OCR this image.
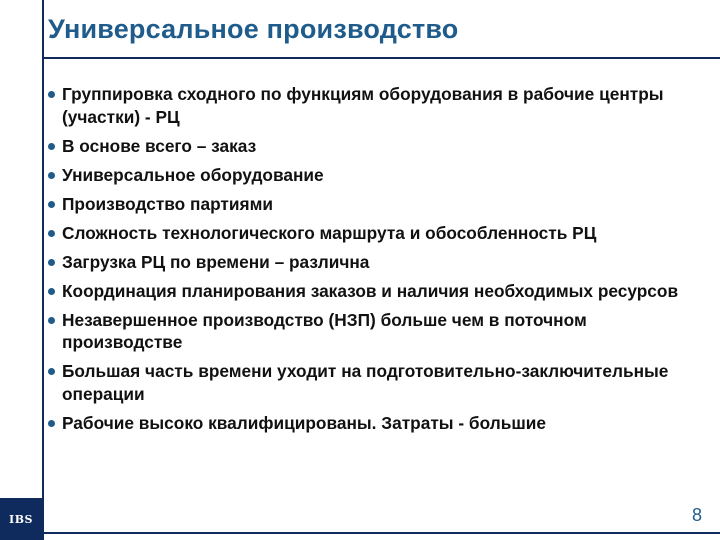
Универсальное производство
Группировка сходного по функциям оборудования в рабочие центры (участки) - РЦ
В основе всего – заказ
Универсальное оборудование
Производство партиями
Сложность технологического маршрута и обособленность РЦ
Загрузка РЦ по времени – различна
Координация планирования заказов и наличия необходимых ресурсов
Незавершенное производство (НЗП) больше чем в поточном производстве
Большая часть времени уходит на подготовительно-заключительные операции
Рабочие высоко квалифицированы. Затраты - большие
IBS	8
